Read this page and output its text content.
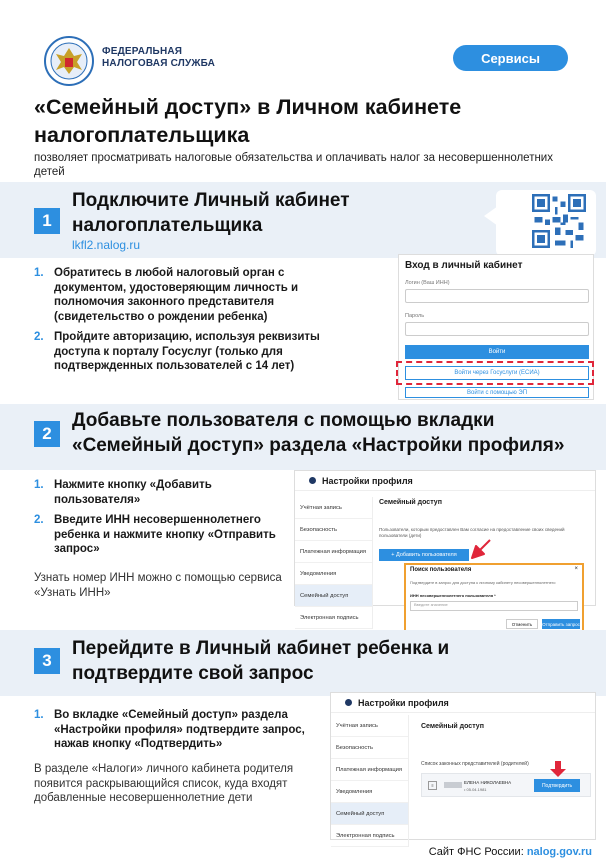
ФЕДЕРАЛЬНАЯ
НАЛОГОВАЯ СЛУЖБА	Сервисы
«Семейный доступ» в Личном кабинете
налогоплательщика
позволяет просматривать налоговые обязательства и оплачивать налог за несовершеннолетних детей
1
Подключите Личный кабинет
налогоплательщика
lkfl2.nalog.ru
1. Обратитесь в любой налоговый орган с документом, удостоверяющим личность и полномочия законного представителя (свидетельство о рождении ребенка)
2. Пройдите авторизацию, используя реквизиты доступа к порталу Госуслуг (только для подтвержденных пользователей с 14 лет)
Вход в личный кабинет
Логин (Ваш ИНН)
Пароль
Войти
Войти через Госуслуги (ЕСИА)
Войти с помощью ЭП
2
Добавьте пользователя с помощью вкладки
«Семейный доступ» раздела «Настройки профиля»
1. Нажмите кнопку «Добавить пользователя»
2. Введите ИНН несовершеннолетнего ребенка и нажмите кнопку «Отправить запрос»
Узнать номер ИНН можно с помощью сервиса «Узнать ИНН»
Настройки профиля
Учётная запись
Безопасность
Платежная информация
Уведомления
Семейный доступ
Электронная подпись
Семейный доступ
Пользователи, которым предоставлен Вам согласие на предоставление своих сведений пользователи (дети)
+ Добавить пользователя
Поиск пользователя	×
Подтвердите в запрос для доступа к личному кабинету несовершеннолетнего
ИНН несовершеннолетнего пользователя *
Введите значение
Отменить	Отправить запрос
3
Перейдите в Личный кабинет ребенка и
подтвердите свой запрос
1. Во вкладке «Семейный доступ» раздела «Настройки профиля» подтвердите запрос, нажав кнопку «Подтвердить»
В разделе «Налоги» личного кабинета родителя появится раскрывающийся список, куда входят добавленные несовершеннолетние дети
Настройки профиля
Учётная запись
Безопасность
Платежная информация
Уведомления
Семейный доступ
Электронная подпись
Семейный доступ
Список законных представителей (родителей)
≡
ЕЛЕНА НИКОЛАЕВНА
• 05.04.1981
Подтвердить
Сайт ФНС России: nalog.gov.ru
